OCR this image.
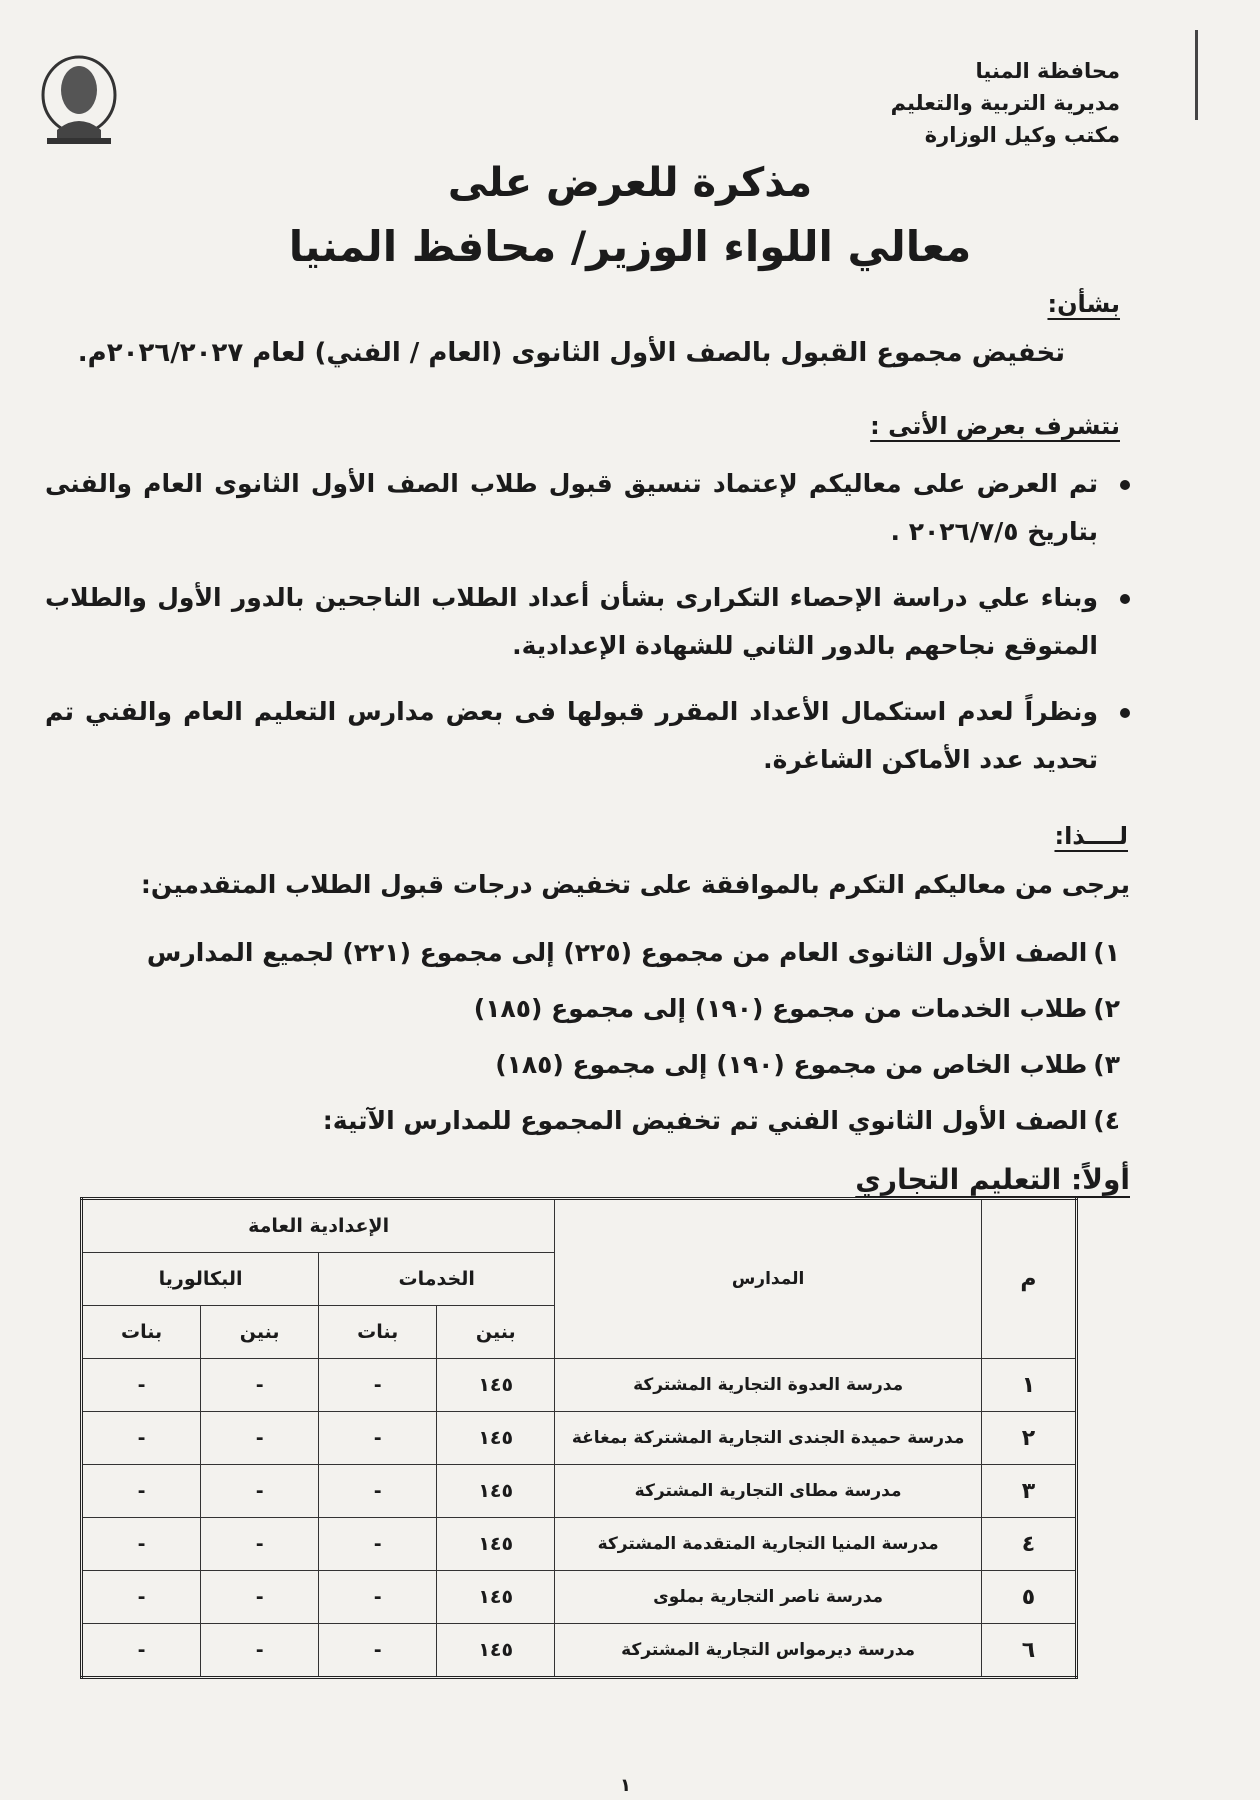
محافظة المنيا
مديرية التربية والتعليم
مكتب وكيل الوزارة
مذكرة للعرض على
معالي اللواء الوزير/ محافظ المنيا
بشأن:
تخفيض مجموع القبول بالصف الأول الثانوى (العام / الفني) لعام ٢٠٢٦/٢٠٢٧م.
نتشرف بعرض الأتى :
تم العرض على معاليكم لإعتماد تنسيق قبول طلاب الصف الأول الثانوى العام والفنى بتاريخ ٢٠٢٦/٧/٥ .
وبناء علي دراسة الإحصاء التكرارى بشأن أعداد الطلاب الناجحين بالدور الأول والطلاب المتوقع نجاحهم بالدور الثاني للشهادة الإعدادية.
ونظراً لعدم استكمال الأعداد المقرر قبولها فى بعض مدارس التعليم العام والفني تم تحديد عدد الأماكن الشاغرة.
لــــذا:
يرجى من معاليكم التكرم بالموافقة على تخفيض درجات قبول الطلاب المتقدمين:
١)الصف الأول الثانوى العام من مجموع (٢٢٥) إلى مجموع (٢٢١) لجميع المدارس
٢)طلاب الخدمات من مجموع (١٩٠) إلى مجموع (١٨٥)
٣)طلاب الخاص من مجموع (١٩٠) إلى مجموع (١٨٥)
٤)الصف الأول الثانوي الفني تم تخفيض المجموع للمدارس الآتية:
أولاً: التعليم التجاري
م	المدارس	الإعدادية العامة			
		الخدمات		البكالوريا	
		بنين	بنات	بنين	بنات
١	مدرسة العدوة التجارية المشتركة	١٤٥	-	-	-
٢	مدرسة حميدة الجندى التجارية المشتركة بمغاغة	١٤٥	-	-	-
٣	مدرسة مطاى التجارية المشتركة	١٤٥	-	-	-
٤	مدرسة المنيا التجارية المتقدمة المشتركة	١٤٥	-	-	-
٥	مدرسة ناصر التجارية بملوى	١٤٥	-	-	-
٦	مدرسة ديرمواس التجارية المشتركة	١٤٥	-	-	-
١
